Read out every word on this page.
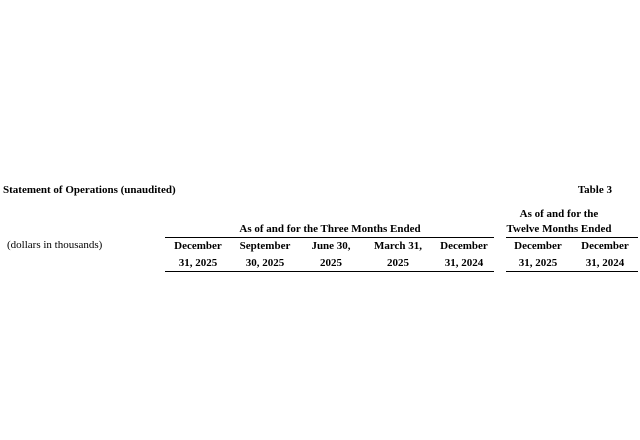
Statement of Operations (unaudited)	Table 3
As of and for the Three Months Ended
As of and for the Twelve Months Ended
(dollars in thousands)	December
31, 2025
September
30, 2025
June 30,
2025
March 31,
2025
December
31, 2024
December
31, 2025
December
31, 2024
